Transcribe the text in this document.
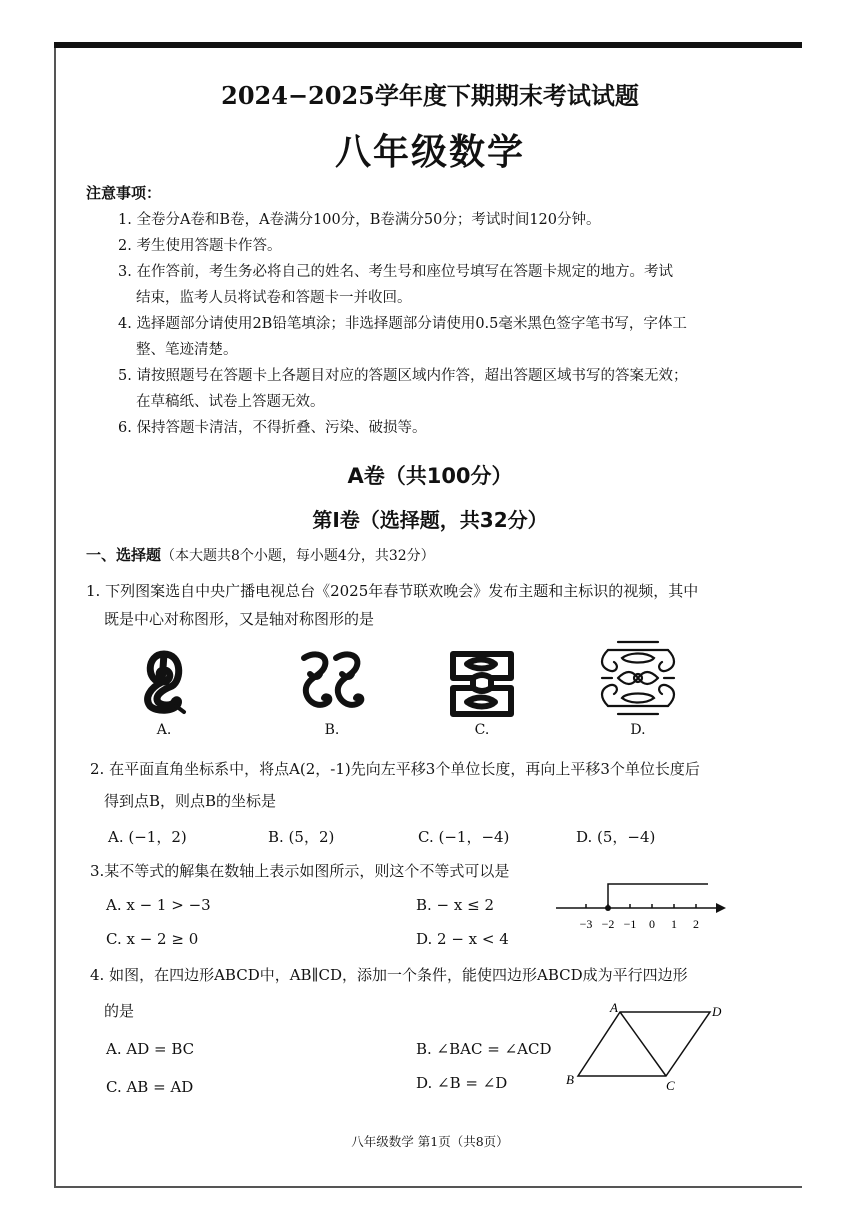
2024−2025学年度下期期末考试试题
八年级数学
注意事项：
1. 全卷分A卷和B卷，A卷满分100分，B卷满分50分；考试时间120分钟。
2. 考生使用答题卡作答。
3. 在作答前，考生务必将自己的姓名、考生号和座位号填写在答题卡规定的地方。考试
结束，监考人员将试卷和答题卡一并收回。
4. 选择题部分请使用2B铅笔填涂；非选择题部分请使用0.5毫米黑色签字笔书写，字体工
整、笔迹清楚。
5. 请按照题号在答题卡上各题目对应的答题区域内作答，超出答题区域书写的答案无效；
在草稿纸、试卷上答题无效。
6. 保持答题卡清洁，不得折叠、污染、破损等。
A卷（共100分）
第Ⅰ卷（选择题，共32分）
一、选择题（本大题共8个小题，每小题4分，共32分）
1. 下列图案选自中央广播电视总台《2025年春节联欢晚会》发布主题和主标识的视频，其中
既是中心对称图形，又是轴对称图形的是
A.	B.	C.	D.
2. 在平面直角坐标系中，将点A(2，-1)先向左平移3个单位长度，再向上平移3个单位长度后
得到点B，则点B的坐标是
A. (−1，2)	B. (5，2)	C. (−1，−4)	D. (5，−4)
3.某不等式的解集在数轴上表示如图所示，则这个不等式可以是
A. x − 1 > −3	B. − x ≤ 2
C. x − 2 ≥ 0	D. 2 − x < 4
−3 −2 −1 0 1 2
4. 如图，在四边形ABCD中，AB∥CD，添加一个条件，能使四边形ABCD成为平行四边形
的是
A. AD = BC	B. ∠BAC = ∠ACD
C. AB = AD	D. ∠B = ∠D
A
B	C
D
八年级数学 第1页（共8页）
